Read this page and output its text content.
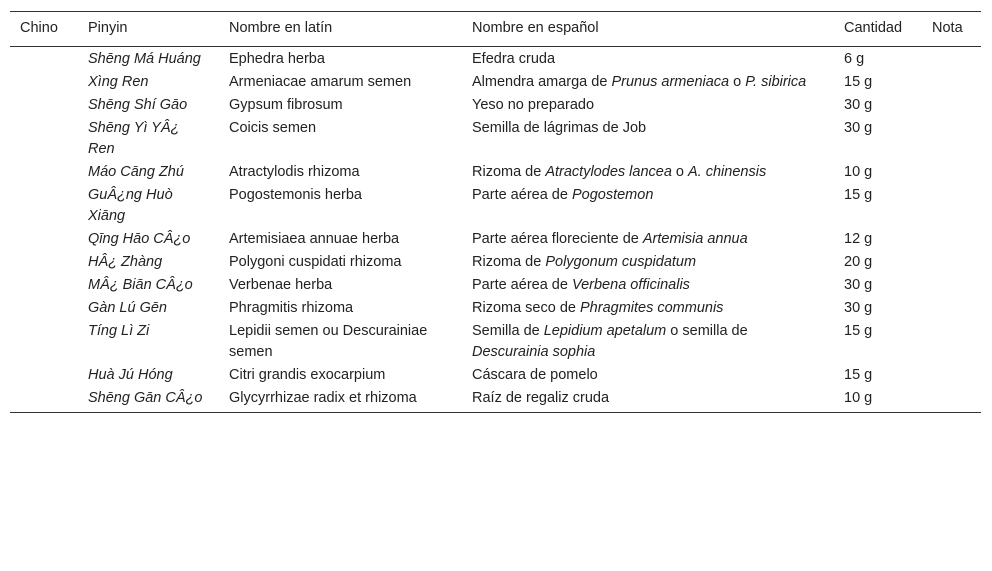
Chino	Pinyin	Nombre en latín	Nombre en español	Cantidad	Nota
	Shēng Má Huáng	Ephedra herba	Efedra cruda	6 g	
	Xìng Ren	Armeniacae amarum semen	Almendra amarga de Prunus armeniaca o P. sibirica	15 g	
	Shēng Shí Gāo	Gypsum fibrosum	Yeso no preparado	30 g	
	Shēng Yì YÂ¿ Ren	Coicis semen	Semilla de lágrimas de Job	30 g	
	Máo Cāng Zhú	Atractylodis rhizoma	Rizoma de Atractylodes lancea o A. chinensis	10 g	
	GuÂ¿ng Huò Xiāng	Pogostemonis herba	Parte aérea de Pogostemon	15 g	
	Qīng Hāo CÂ¿o	Artemisiaea annuae herba	Parte aérea floreciente de Artemisia annua	12 g	
	HÂ¿ Zhàng	Polygoni cuspidati rhizoma	Rizoma de Polygonum cuspidatum	20 g	
	MÂ¿ Biān CÂ¿o	Verbenae herba	Parte aérea de Verbena officinalis	30 g	
	Gàn Lú Gēn	Phragmitis rhizoma	Rizoma seco de Phragmites communis	30 g	
	Tíng Lì Zi	Lepidii semen ou Descurainiae semen	Semilla de Lepidium apetalum o semilla de Descurainia sophia	15 g	
	Huà Jú Hóng	Citri grandis exocarpium	Cáscara de pomelo	15 g	
	Shēng Gān CÂ¿o	Glycyrrhizae radix et rhizoma	Raíz de regaliz cruda	10 g	
